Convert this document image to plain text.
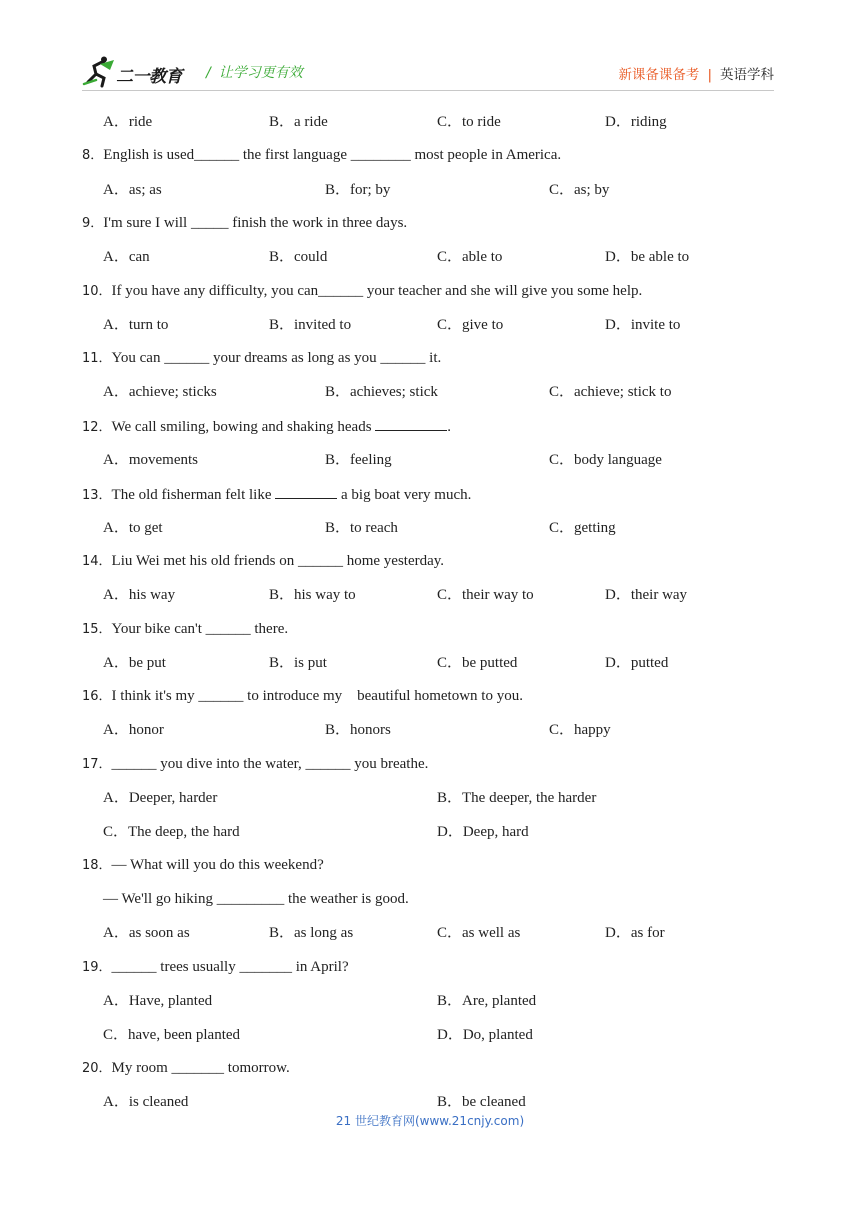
二一教育 / 让学习更有效	新课备课备考 | 英语学科
A．ride	B．a ride	C．to ride	D．riding
8．English is used______ the first language ________ most people in America.
A．as; as	B．for; by	C．as; by
9．I'm sure I will _____ finish the work in three days.
A．can	B．could	C．able to	D．be able to
10．If you have any difficulty, you can______ your teacher and she will give you some help.
A．turn to	B．invited to	C．give to	D．invite to
11．You can ______ your dreams as long as you ______ it.
A．achieve; sticks	B．achieves; stick	C．achieve; stick to
12．We call smiling, bowing and shaking heads	.
A．movements	B．feeling	C．body language
13．The old fisherman felt like	a big boat very much.
A．to get	B．to reach	C．getting
14．Liu Wei met his old friends on ______ home yesterday.
A．his way	B．his way to	C．their way to	D．their way
15．Your bike can't ______ there.
A．be put	B．is put	C．be putted	D．putted
16．I think it's my ______ to introduce my    beautiful hometown to you.
A．honor	B．honors	C．happy
17．______ you dive into the water, ______ you breathe.
A．Deeper, harder	B．The deeper, the harder
C．The deep, the hard	D．Deep, hard
18．— What will you do this weekend?
— We'll go hiking _________ the weather is good.
A．as soon as	B．as long as	C．as well as	D．as for
19．______ trees usually _______ in April?
A．Have, planted	B．Are, planted
C．have, been planted	D．Do, planted
20．My room _______ tomorrow.
A．is cleaned	B．be cleaned
21 世纪教育网(www.21cnjy.com)
